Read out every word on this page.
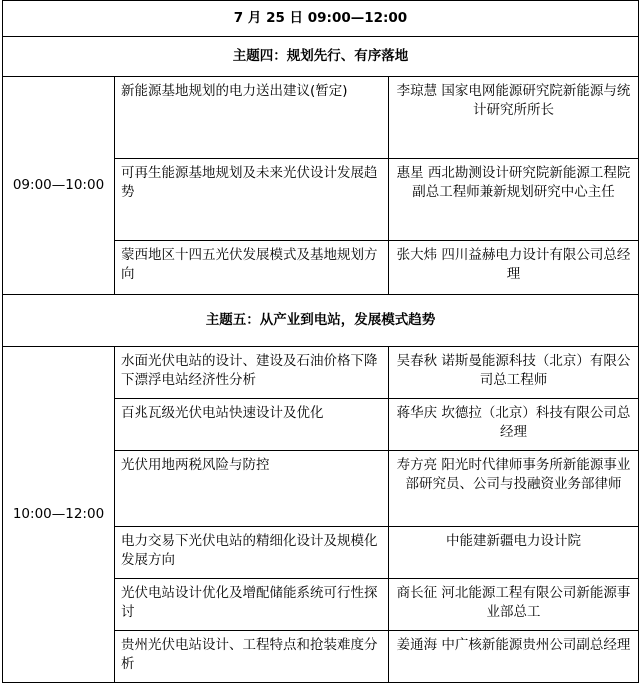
7 月 25 日 09:00—12:00		
主题四：规划先行、有序落地		
09:00—10:00	新能源基地规划的电力送出建议(暂定)	李琼慧 国家电网能源研究院新能源与统计研究所所长
	可再生能源基地规划及未来光伏设计发展趋势	惠星 西北勘测设计研究院新能源工程院副总工程师兼新规划研究中心主任
	蒙西地区十四五光伏发展模式及基地规划方向	张大炜 四川益赫电力设计有限公司总经理
主题五：从产业到电站，发展模式趋势		
10:00—12:00	水面光伏电站的设计、建设及石油价格下降下漂浮电站经济性分析	吴春秋 诺斯曼能源科技（北京）有限公司总工程师
	百兆瓦级光伏电站快速设计及优化	蒋华庆 坎德拉（北京）科技有限公司总经理
	光伏用地两税风险与防控	寿方亮 阳光时代律师事务所新能源事业部研究员、公司与投融资业务部律师
	电力交易下光伏电站的精细化设计及规模化发展方向	中能建新疆电力设计院
	光伏电站设计优化及增配储能系统可行性探讨	商长征 河北能源工程有限公司新能源事业部总工
	贵州光伏电站设计、工程特点和抢装难度分析	姜通海 中广核新能源贵州公司副总经理
